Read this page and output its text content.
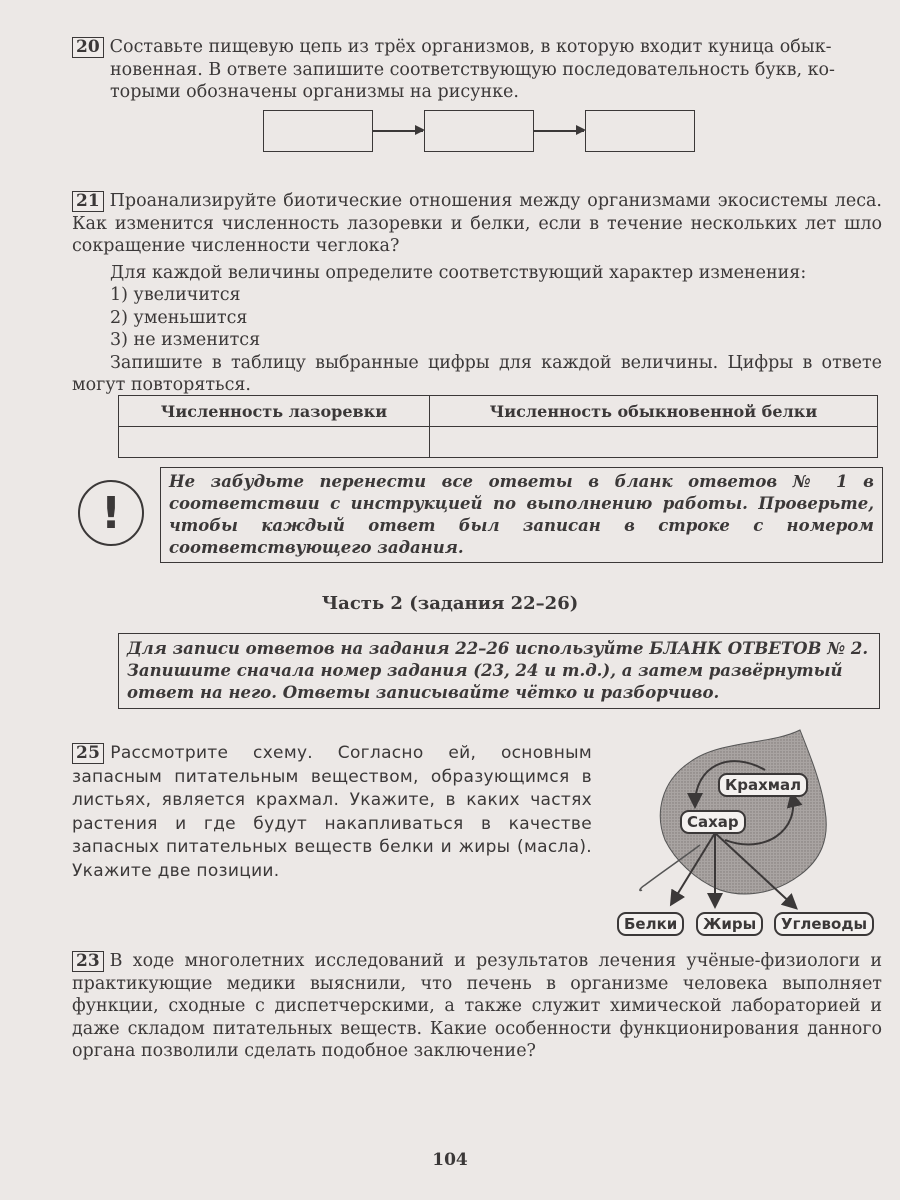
20 Составьте пищевую цепь из трёх организмов, в которую входит куница обык-

новенная. В ответе запишите соответствующую последовательность букв, ко-

торыми обозначены организмы на рисунке.

21 Проанализируйте биотические отношения между организмами экосистемы леса. Как изменится численность лазоревки и белки, если в течение нескольких лет шло сокращение численности чеглока?

Для каждой величины определите соответствующий характер изменения:

1) увеличится

2) уменьшится

3) не изменится

Запишите в таблицу выбранные цифры для каждой величины. Цифры в ответе могут повторяться.

Численность лазоревки	Численность обыкновенной белки

!
Не забудьте перенести все ответы в бланк ответов № 1 в соответствии с инструкцией по выполнению работы. Проверьте, чтобы каждый ответ был записан в строке с номером соответствующего задания.
Часть 2 (задания 22–26)
Для записи ответов на задания 22–26 используйте БЛАНК ОТВЕТОВ № 2. Запишите сначала номер задания (23, 24 и т.д.), а затем развёрнутый ответ на него. Ответы записывайте чётко и разборчиво.
25 Рассмотрите схему. Согласно ей, основным запасным питательным веществом, образующимся в листьях, является крахмал. Укажите, в каких частях растения и где будут накапливаться в качестве запасных питательных веществ белки и жиры (масла). Укажите две позиции.
Крахмал
Сахар
Белки	Жиры	Углеводы
23 В ходе многолетних исследований и результатов лечения учёные-физиологи и практикующие медики выяснили, что печень в организме человека выполняет функции, сходные с диспетчерскими, а также служит химической лабораторией и даже складом питательных веществ. Какие особенности функционирования данного органа позволили сделать подобное заключение?
104
